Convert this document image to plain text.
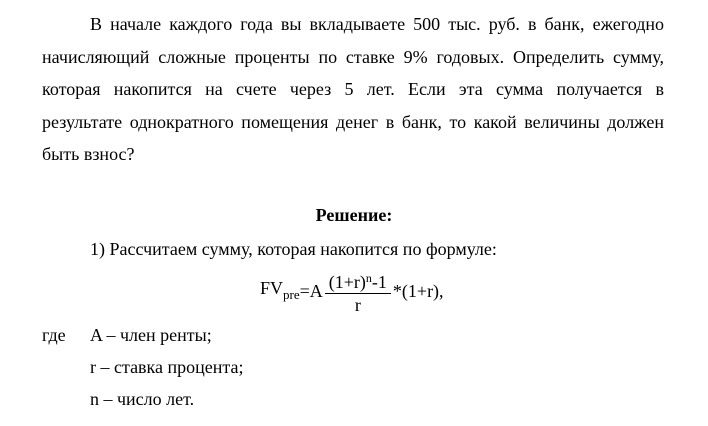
В начале каждого года вы вкладываете 500 тыс. руб. в банк, ежегодно
начисляющий сложные проценты по ставке 9% годовых. Определить сумму,
которая накопится на счете через 5 лет. Если эта сумма получается в
результате однократного помещения денег в банк, то какой величины должен
быть взнос?

Решение:

1) Рассчитаем сумму, которая накопится по формуле:

$FV_{pre} =A \frac{(1+r)^n-1}{r} *(1+r)$,

где A – член ренты;

r – ставка процента;

n – число лет.
